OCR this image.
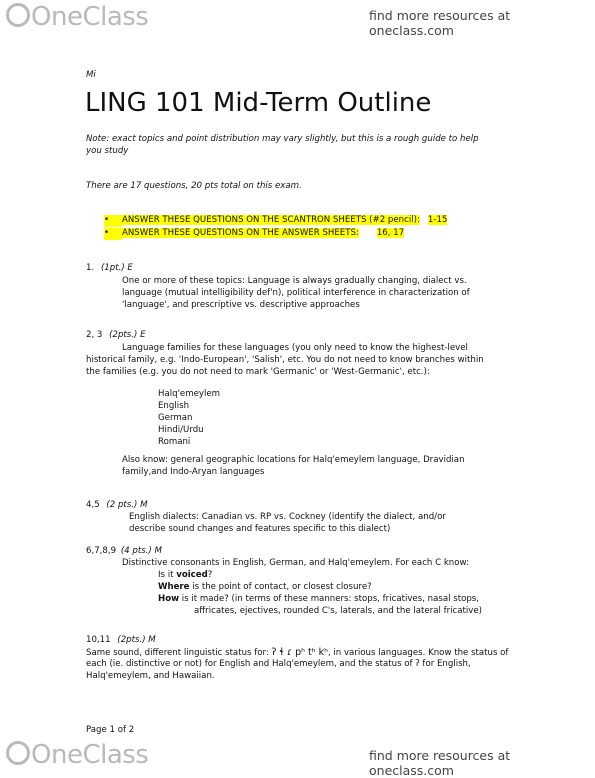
OneClass	find more resources at oneclass.com
Mi
LING 101 Mid-Term Outline
Note: exact topics and point distribution may vary slightly, but this is a rough guide to help
you study
There are 17 questions, 20 pts total on this exam.
• ANSWER THESE QUESTIONS ON THE SCANTRON SHEETS (#2 pencil): 1-15
• ANSWER THESE QUESTIONS ON THE ANSWER SHEETS: 16, 17
1. (1pt.) E
One or more of these topics: Language is always gradually changing, dialect vs.
language (mutual intelligibility def'n), political interference in characterization of
'language', and prescriptive vs. descriptive approaches
2, 3 (2pts.) E
Language families for these languages (you only need to know the highest-level
historical family, e.g. 'Indo-European', 'Salish', etc. You do not need to know branches within
the families (e.g. you do not need to mark 'Germanic' or 'West-Germanic', etc.):
Halq'emeylem
English
German
Hindi/Urdu
Romani
Also know: general geographic locations for Halq'emeylem language, Dravidian
family,and Indo-Aryan languages
4,5 (2 pts.) M
English dialects: Canadian vs. RP vs. Cockney (identify the dialect, and/or
describe sound changes and features specific to this dialect)
6,7,8,9 (4 pts.) M
Distinctive consonants in English, German, and Halq'emeylem. For each C know:
Is it voiced?
Where is the point of contact, or closest closure?
How is it made? (in terms of these manners: stops, fricatives, nasal stops,
affricates, ejectives, rounded C's, laterals, and the lateral fricative)
10,11 (2pts.) M
Same sound, different linguistic status for: ʔ ɬ ɾ pʰ tʰ kʰ, in various languages. Know the status of
each (ie. distinctive or not) for English and Halq'emeylem, and the status of ʔ for English,
Halq'emeylem, and Hawaiian.
Page 1 of 2
OneClass	find more resources at oneclass.com
